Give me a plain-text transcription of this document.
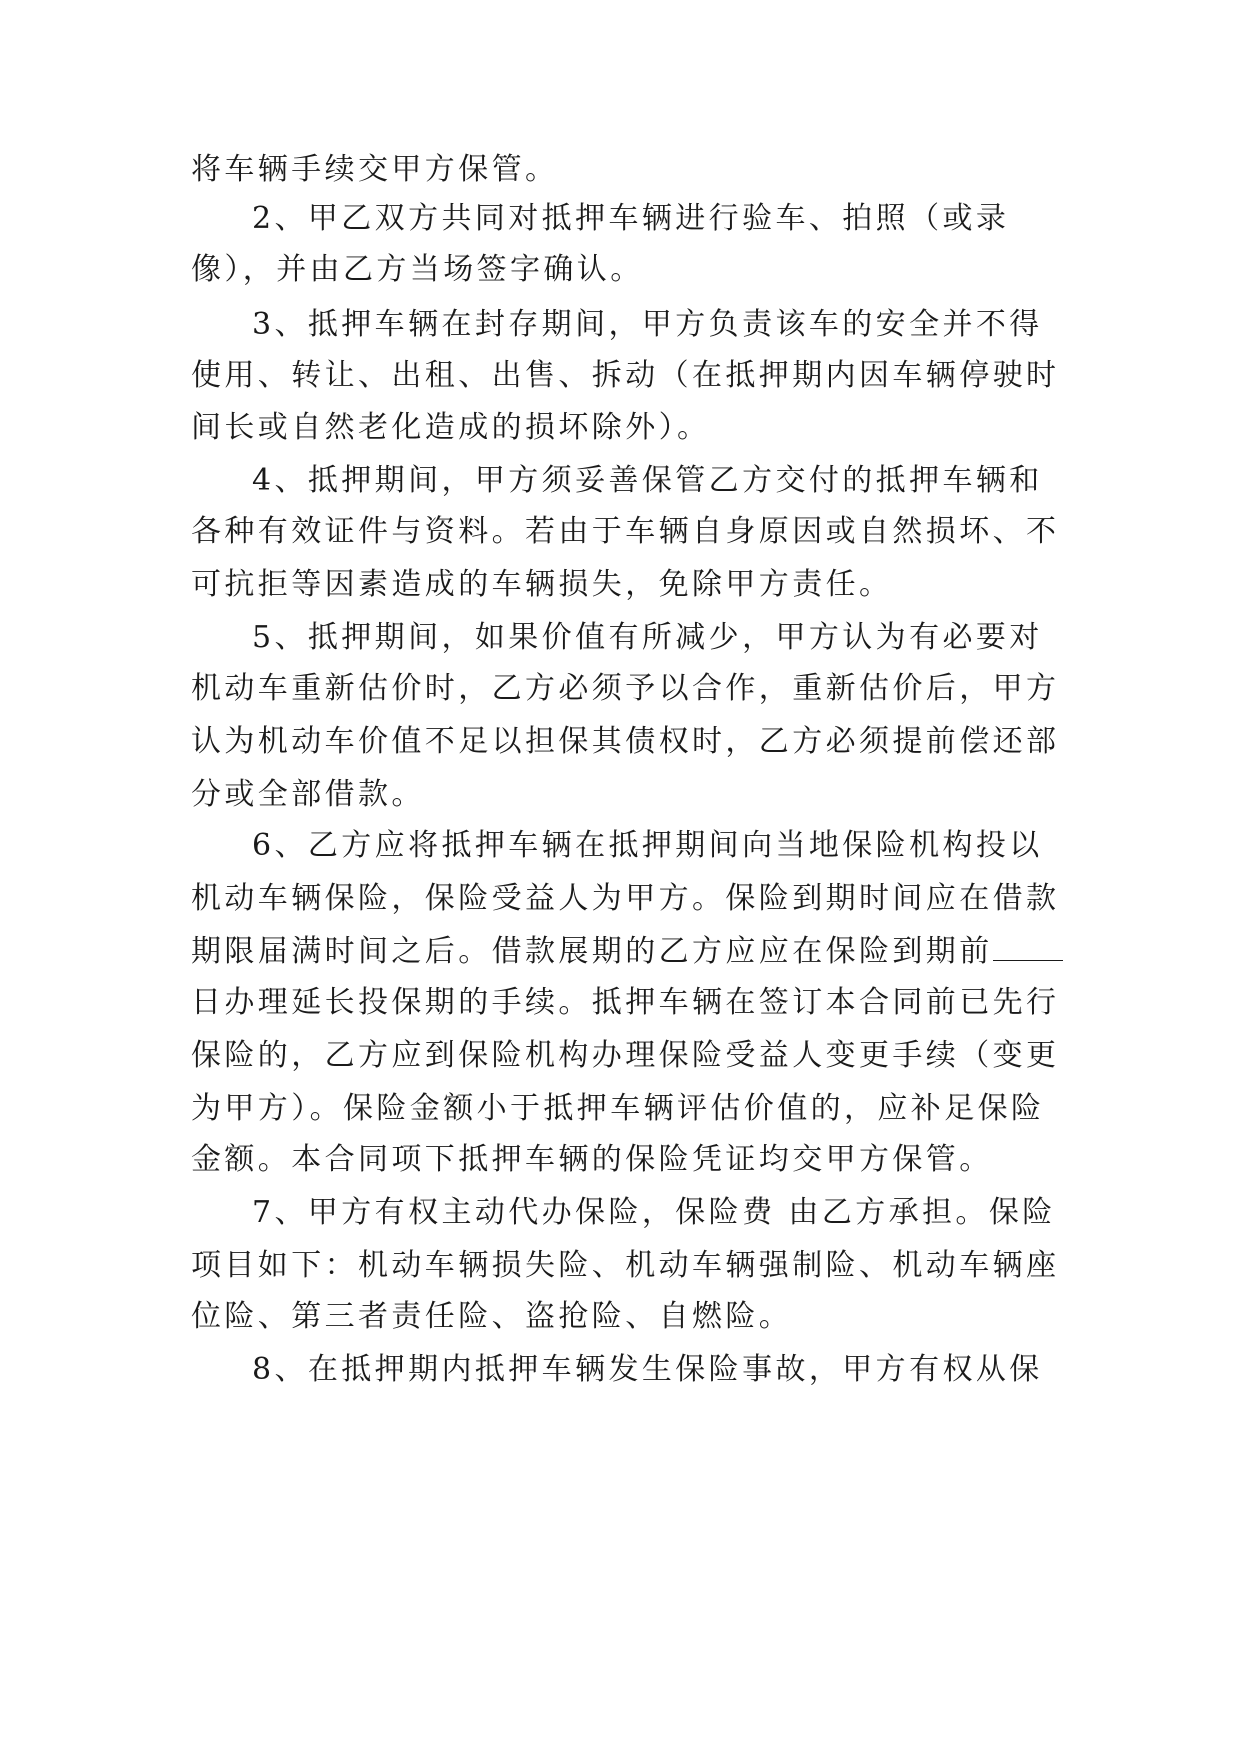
将车辆手续交甲方保管。
2、甲乙双方共同对抵押车辆进行验车、拍照（或录
像），并由乙方当场签字确认。
3、抵押车辆在封存期间，甲方负责该车的安全并不得
使用、转让、出租、出售、拆动（在抵押期内因车辆停驶时
间长或自然老化造成的损坏除外）。
4、抵押期间，甲方须妥善保管乙方交付的抵押车辆和
各种有效证件与资料。若由于车辆自身原因或自然损坏、不
可抗拒等因素造成的车辆损失，免除甲方责任。
5、抵押期间，如果价值有所减少，甲方认为有必要对
机动车重新估价时，乙方必须予以合作，重新估价后，甲方
认为机动车价值不足以担保其债权时，乙方必须提前偿还部
分或全部借款。
6、乙方应将抵押车辆在抵押期间向当地保险机构投以
机动车辆保险，保险受益人为甲方。保险到期时间应在借款
期限届满时间之后。借款展期的乙方应应在保险到期前
日办理延长投保期的手续。抵押车辆在签订本合同前已先行
保险的，乙方应到保险机构办理保险受益人变更手续（变更
为甲方）。保险金额小于抵押车辆评估价值的，应补足保险
金额。本合同项下抵押车辆的保险凭证均交甲方保管。
7、甲方有权主动代办保险，保险费 由乙方承担。保险
项目如下：机动车辆损失险、机动车辆强制险、机动车辆座
位险、第三者责任险、盗抢险、自燃险。
8、在抵押期内抵押车辆发生保险事故，甲方有权从保
